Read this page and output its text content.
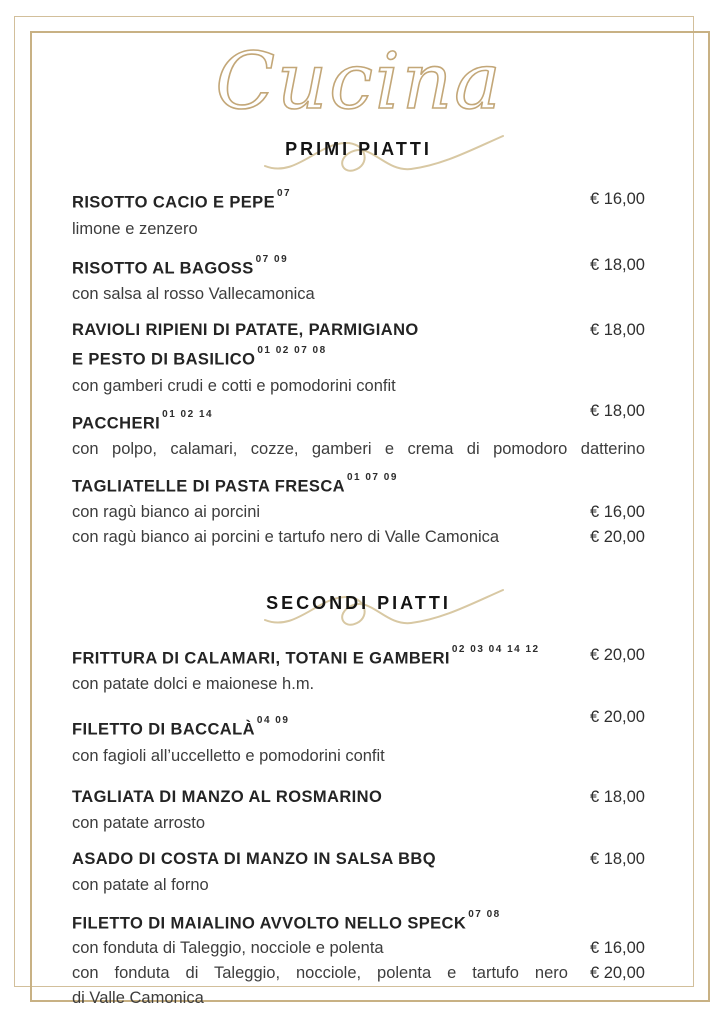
Cucina
PRIMI PIATTI
RISOTTO CACIO E PEPE $^{07}$	€ 16,00

limone e zenzero

RISOTTO AL BAGOSS $^{07 09}$	€ 18,00

con salsa al rosso Vallecamonica

RAVIOLI RIPIENI DI PATATE, PARMIGIANO
E PESTO DI BASILICO $^{01 02 07 08}$
€ 18,00

con gamberi crudi e cotti e pomodorini confit

PACCHERI $^{01 02 14}$	€ 18,00

con polpo, calamari, cozze, gamberi e crema di pomodoro datterino

TAGLIATELLE DI PASTA FRESCA $^{01 07 09}$

con ragù bianco ai porcini	€ 16,00

con ragù bianco ai porcini e tartufo nero di Valle Camonica	€ 20,00
SECONDI PIATTI
FRITTURA DI CALAMARI, TOTANI E GAMBERI $^{02 03 04 14 12}$	€ 20,00

con patate dolci e maionese h.m.

FILETTO DI BACCALÀ $^{04 09}$	€ 20,00

con fagioli all’uccelletto e pomodorini confit

TAGLIATA DI MANZO AL ROSMARINO	€ 18,00

con patate arrosto

ASADO DI COSTA DI MANZO IN SALSA BBQ	€ 18,00

con patate al forno

FILETTO DI MAIALINO AVVOLTO NELLO SPECK $^{07 08}$

con fonduta di Taleggio, nocciole e polenta	€ 16,00

con fonduta di Taleggio, nocciole, polenta e tartufo nero	€ 20,00

di Valle Camonica
